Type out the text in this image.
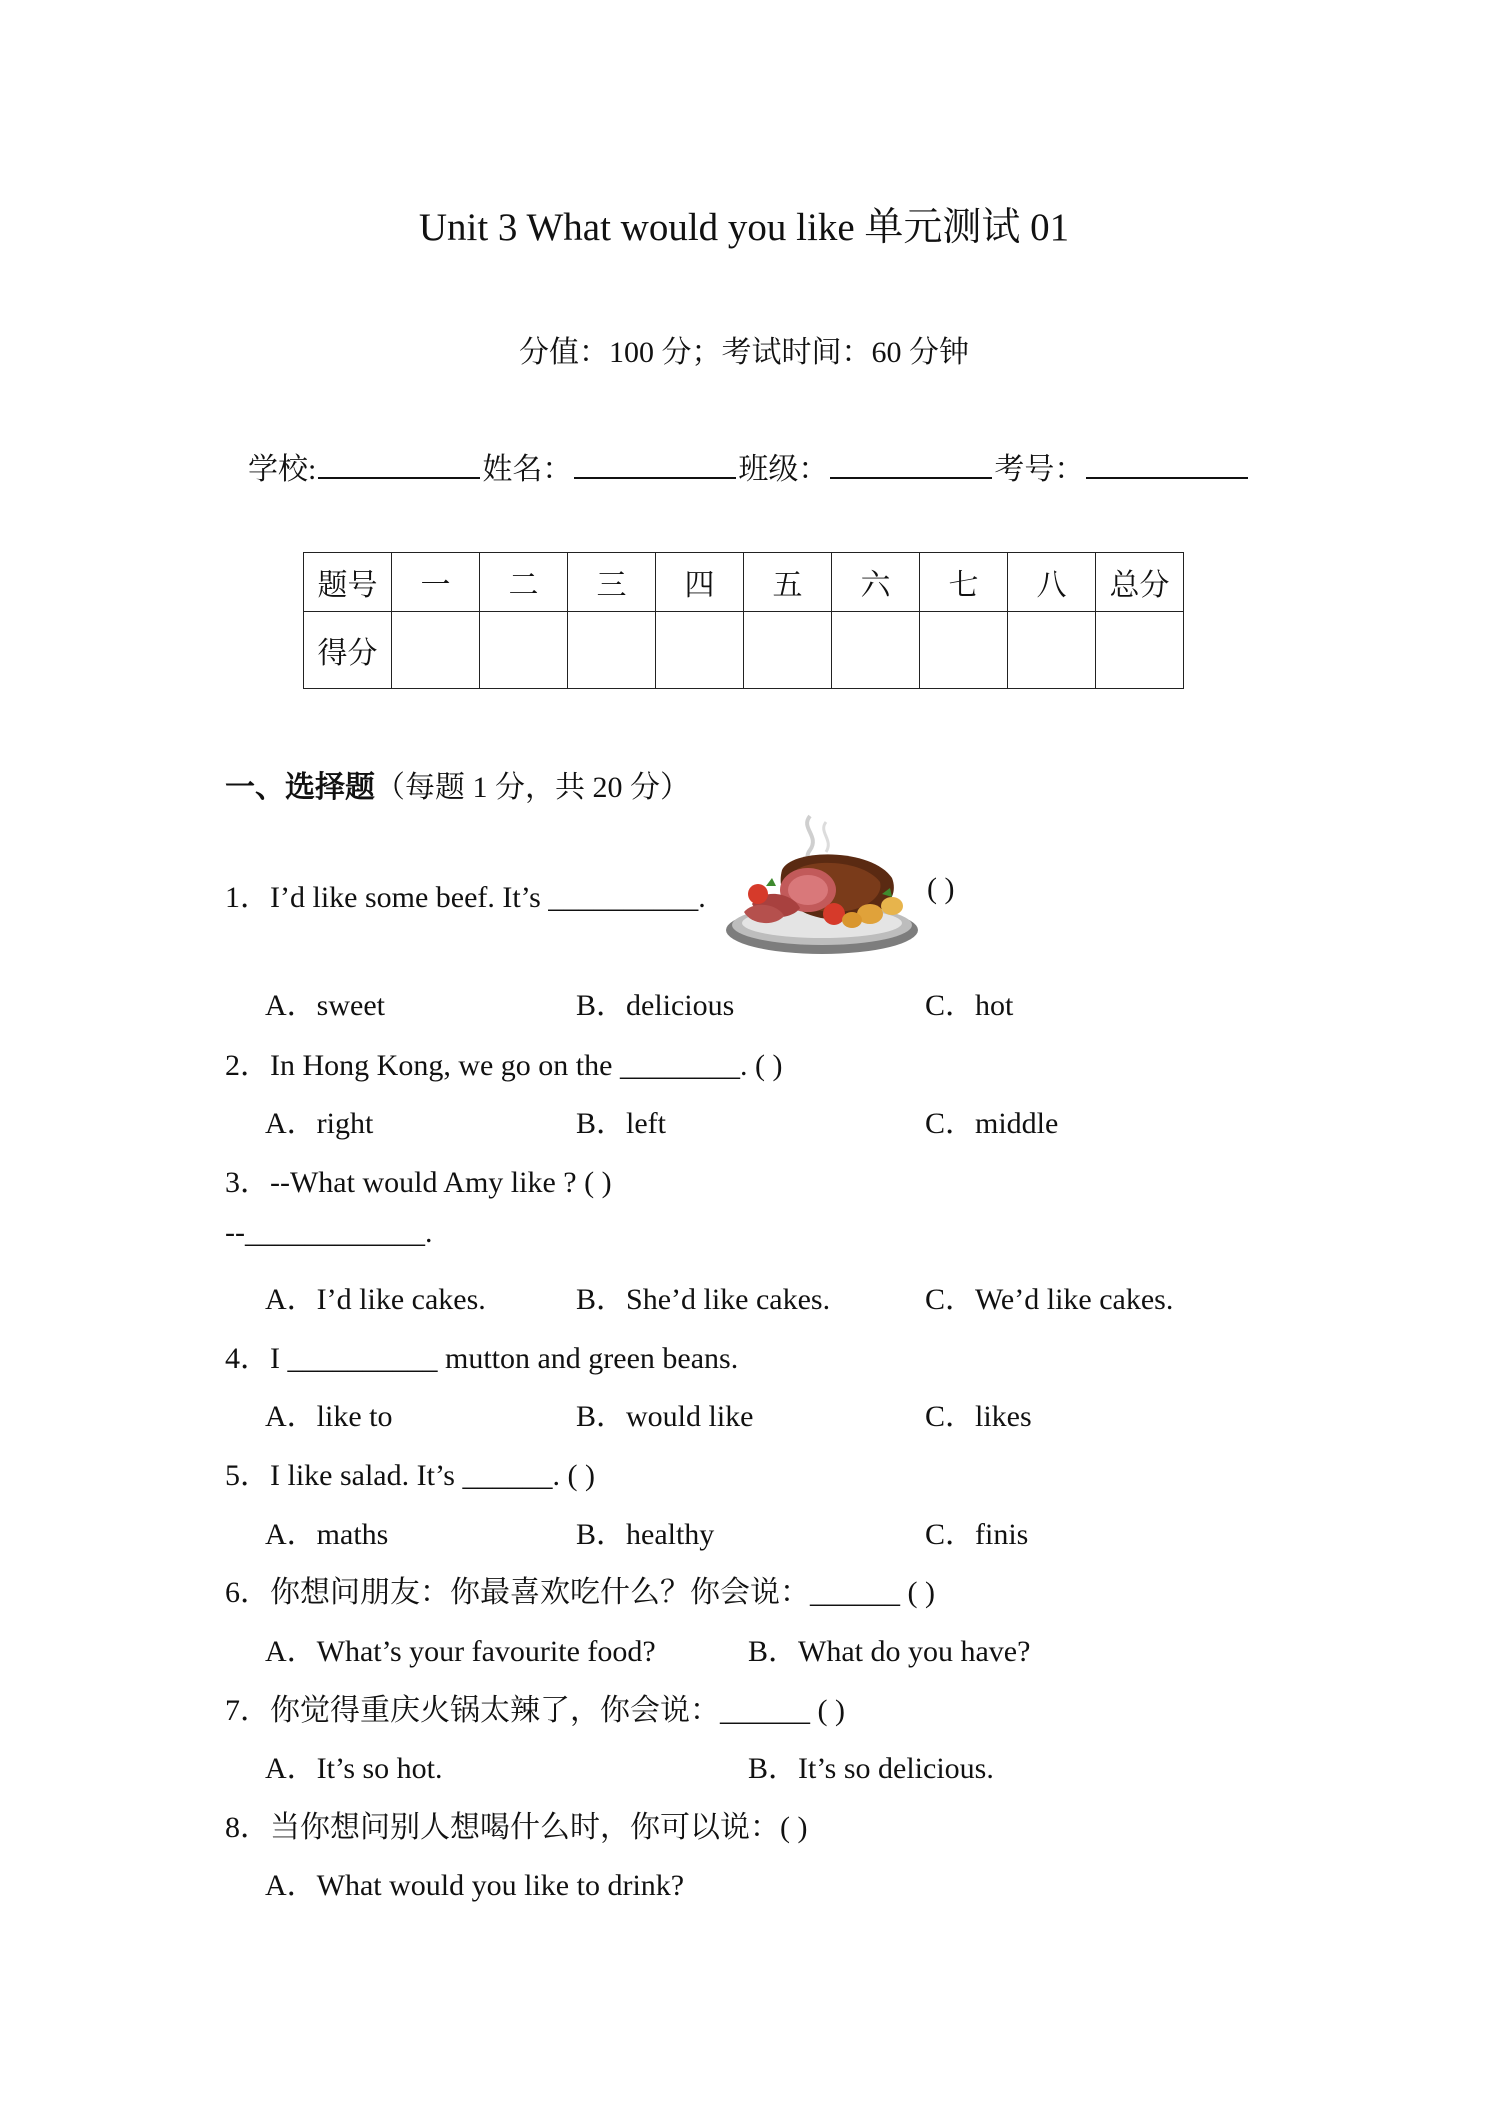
Unit 3 What would you like 单元测试 01
分值：100 分；考试时间：60 分钟
学校:	姓名：	班级：	考号：
题号	一	二	三	四	五	六	七	八	总分
得分									
一、选择题（每题 1 分，共 20 分）
1．I’d like some beef. It’s __________.	( )
A．sweet	B．delicious	C．hot
2．In Hong Kong, we go on the ________. ( )
A．right	B．left	C．middle
3．--What would Amy like ? ( )
--____________.
A．I’d like cakes.	B．She’d like cakes.	C．We’d like cakes.
4．I __________ mutton and green beans.
A．like to	B．would like	C．likes
5．I like salad. It’s ______. ( )
A．maths	B．healthy	C．finis
6．你想问朋友：你最喜欢吃什么？你会说：______ ( )
A．What’s your favourite food?	B．What do you have?
7．你觉得重庆火锅太辣了，你会说：______ ( )
A．It’s so hot.	B．It’s so delicious.
8．当你想问别人想喝什么时，你可以说：( )
A．What would you like to drink?
